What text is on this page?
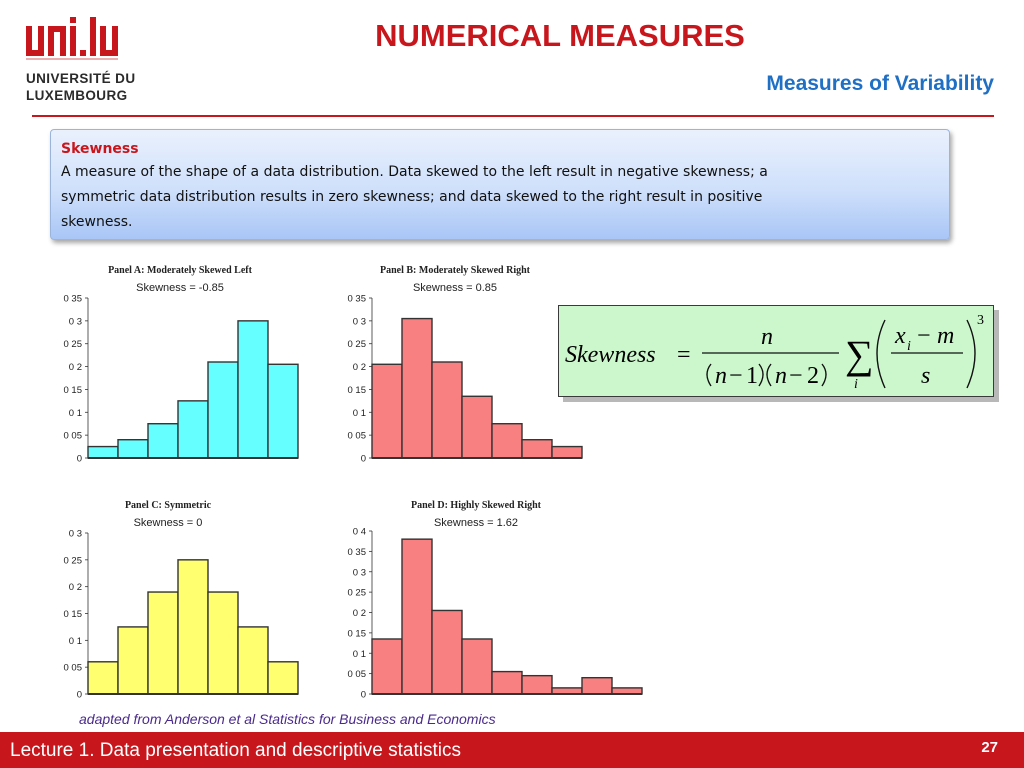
UNIVERSITÉ DU
LUXEMBOURG
NUMERICAL MEASURES
Measures of Variability
Skewness
A measure of the shape of a data distribution. Data skewed to the left result in negative skewness; a
symmetric data distribution results in zero skewness; and data skewed to the right result in positive
skewness.
Panel A: Moderately Skewed Left
Skewness = -0.85
0
0 05
0 1
0 15
0 2
0 25
0 3
0 35
Panel B: Moderately Skewed Right
Skewness = 0.85
0
0 05
0 1
0 15
0 2
0 25
0 3
0 35
Panel C: Symmetric
Skewness = 0
0
0 05
0 1
0 15
0 2
0 25
0 3
Panel D: Highly Skewed Right
Skewness = 1.62
0
0 05
0 1
0 15
0 2
0 25
0 3
0 35
0 4
Skewness =
n
n − 1 n − 2 ∑
i
x i − m
s
3
adapted from Anderson et al Statistics for Business and Economics
Lecture 1. Data presentation and descriptive statistics	27
